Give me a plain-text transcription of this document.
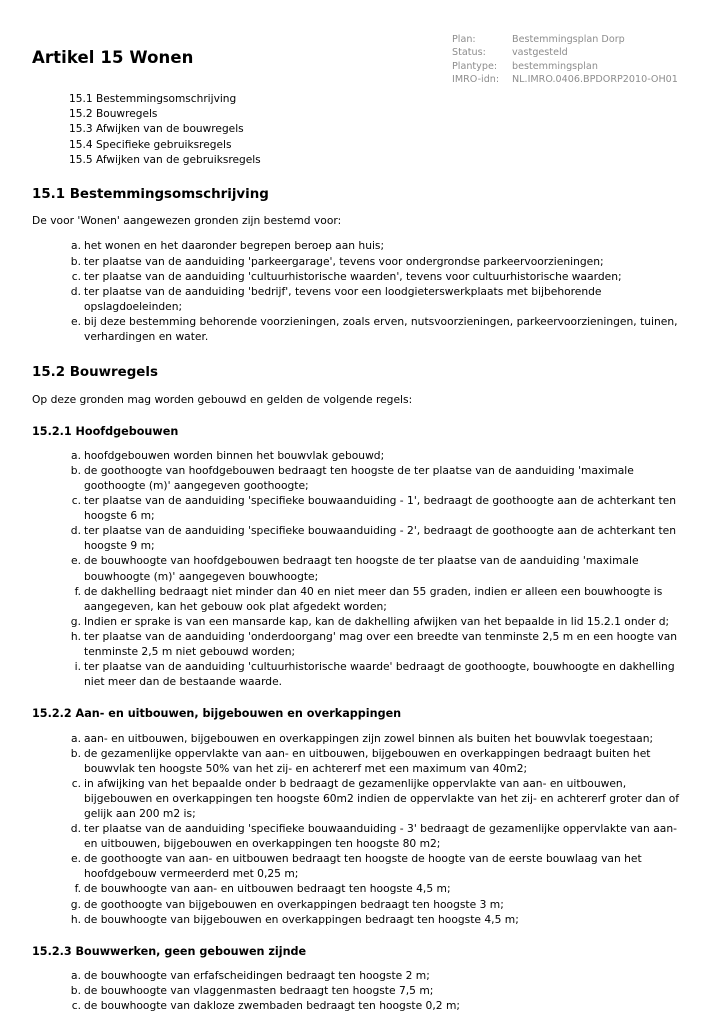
Artikel 15 Wonen
Plan:	Bestemmingsplan Dorp
Status:	vastgesteld
Plantype:	bestemmingsplan
IMRO-idn:	NL.IMRO.0406.BPDORP2010-OH01
15.1 Bestemmingsomschrijving
15.2 Bouwregels
15.3 Afwijken van de bouwregels
15.4 Specifieke gebruiksregels
15.5 Afwijken van de gebruiksregels
15.1 Bestemmingsomschrijving

De voor 'Wonen' aangewezen gronden zijn bestemd voor:

het wonen en het daaronder begrepen beroep aan huis;
ter plaatse van de aanduiding 'parkeergarage', tevens voor ondergrondse parkeervoorzieningen;
ter plaatse van de aanduiding 'cultuurhistorische waarden', tevens voor cultuurhistorische waarden;
ter plaatse van de aanduiding 'bedrijf', tevens voor een loodgieterswerkplaats met bijbehorende opslagdoeleinden;
bij deze bestemming behorende voorzieningen, zoals erven, nutsvoorzieningen, parkeervoorzieningen, tuinen, verhardingen en water.
15.2 Bouwregels

Op deze gronden mag worden gebouwd en gelden de volgende regels:

15.2.1 Hoofdgebouwen
hoofdgebouwen worden binnen het bouwvlak gebouwd;
de goothoogte van hoofdgebouwen bedraagt ten hoogste de ter plaatse van de aanduiding 'maximale goothoogte (m)' aangegeven goothoogte;
ter plaatse van de aanduiding 'specifieke bouwaanduiding - 1', bedraagt de goothoogte aan de achterkant ten hoogste 6 m;
ter plaatse van de aanduiding 'specifieke bouwaanduiding - 2', bedraagt de goothoogte aan de achterkant ten hoogste 9 m;
de bouwhoogte van hoofdgebouwen bedraagt ten hoogste de ter plaatse van de aanduiding 'maximale bouwhoogte (m)' aangegeven bouwhoogte;
de dakhelling bedraagt niet minder dan 40 en niet meer dan 55 graden, indien er alleen een bouwhoogte is aangegeven, kan het gebouw ook plat afgedekt worden;
Indien er sprake is van een mansarde kap, kan de dakhelling afwijken van het bepaalde in lid 15.2.1 onder d;
ter plaatse van de aanduiding 'onderdoorgang' mag over een breedte van tenminste 2,5 m en een hoogte van tenminste 2,5 m niet gebouwd worden;
ter plaatse van de aanduiding 'cultuurhistorische waarde' bedraagt de goothoogte, bouwhoogte en dakhelling niet meer dan de bestaande waarde.
15.2.2 Aan- en uitbouwen, bijgebouwen en overkappingen
aan- en uitbouwen, bijgebouwen en overkappingen zijn zowel binnen als buiten het bouwvlak toegestaan;
de gezamenlijke oppervlakte van aan- en uitbouwen, bijgebouwen en overkappingen bedraagt buiten het bouwvlak ten hoogste 50% van het zij- en achtererf met een maximum van 40m2;
in afwijking van het bepaalde onder b bedraagt de gezamenlijke oppervlakte van aan- en uitbouwen, bijgebouwen en overkappingen ten hoogste 60m2 indien de oppervlakte van het zij- en achtererf groter dan of gelijk aan 200 m2 is;
ter plaatse van de aanduiding 'specifieke bouwaanduiding - 3' bedraagt de gezamenlijke oppervlakte van aan- en uitbouwen, bijgebouwen en overkappingen ten hoogste 80 m2;
de goothoogte van aan- en uitbouwen bedraagt ten hoogste de hoogte van de eerste bouwlaag van het hoofdgebouw vermeerderd met 0,25 m;
de bouwhoogte van aan- en uitbouwen bedraagt ten hoogste 4,5 m;
de goothoogte van bijgebouwen en overkappingen bedraagt ten hoogste 3 m;
de bouwhoogte van bijgebouwen en overkappingen bedraagt ten hoogste 4,5 m;
15.2.3 Bouwwerken, geen gebouwen zijnde
de bouwhoogte van erfafscheidingen bedraagt ten hoogste 2 m;
de bouwhoogte van vlaggenmasten bedraagt ten hoogste 7,5 m;
de bouwhoogte van dakloze zwembaden bedraagt ten hoogste 0,2 m;
